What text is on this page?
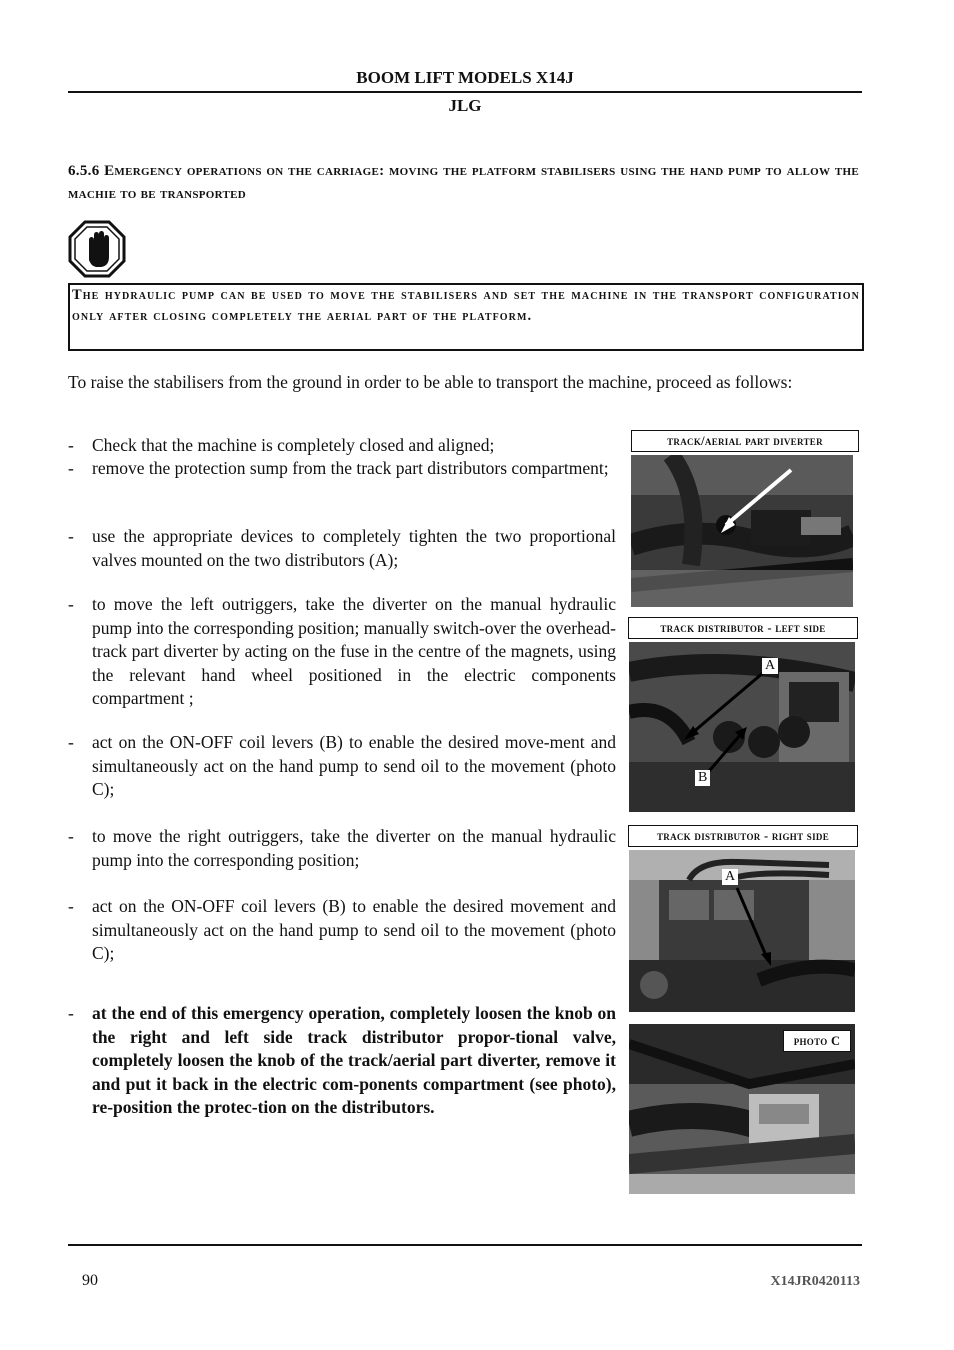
BOOM LIFT MODELS X14J
JLG
6.5.6 Emergency operations on the carriage: moving the platform stabilisers using the hand pump to allow the machie to be transported

The hydraulic pump can be used to move the stabilisers and set the machine in the transport configuration only after closing completely the aerial part of the platform.

To raise the stabilisers from the ground in order to be able to transport the machine, proceed as follows:
- Check that the machine is completely closed and aligned;
- remove the protection sump from the track part distributors compartment;
- use the appropriate devices to completely tighten the two proportional valves mounted on the two distributors (A);
- to move the left outriggers, take the diverter on the manual hydraulic pump into the corresponding position; manually switch-over the overhead-track part diverter by acting on the fuse in the centre of the magnets, using the relevant hand wheel positioned in the electric components compartment ;
- act on the ON-OFF coil levers (B) to enable the desired move-ment and simultaneously act on the hand pump to send oil to the movement (photo C);
- to move the right outriggers, take the diverter on the manual hydraulic pump into the corresponding position;
- act on the ON-OFF coil levers (B) to enable the desired movement and simultaneously act on the hand pump to send oil to the movement (photo C);
- at the end of this emergency operation, completely loosen the knob on the right and left side track distributor propor-tional valve, completely loosen the knob of the track/aerial part diverter, remove it and put it back in the electric com-ponents compartment (see photo), re-position the protec-tion on the distributors.
track/aerial part diverter
track distributor - left side
A
B
track distributor - right side
A
photo C
90	X14JR0420113
